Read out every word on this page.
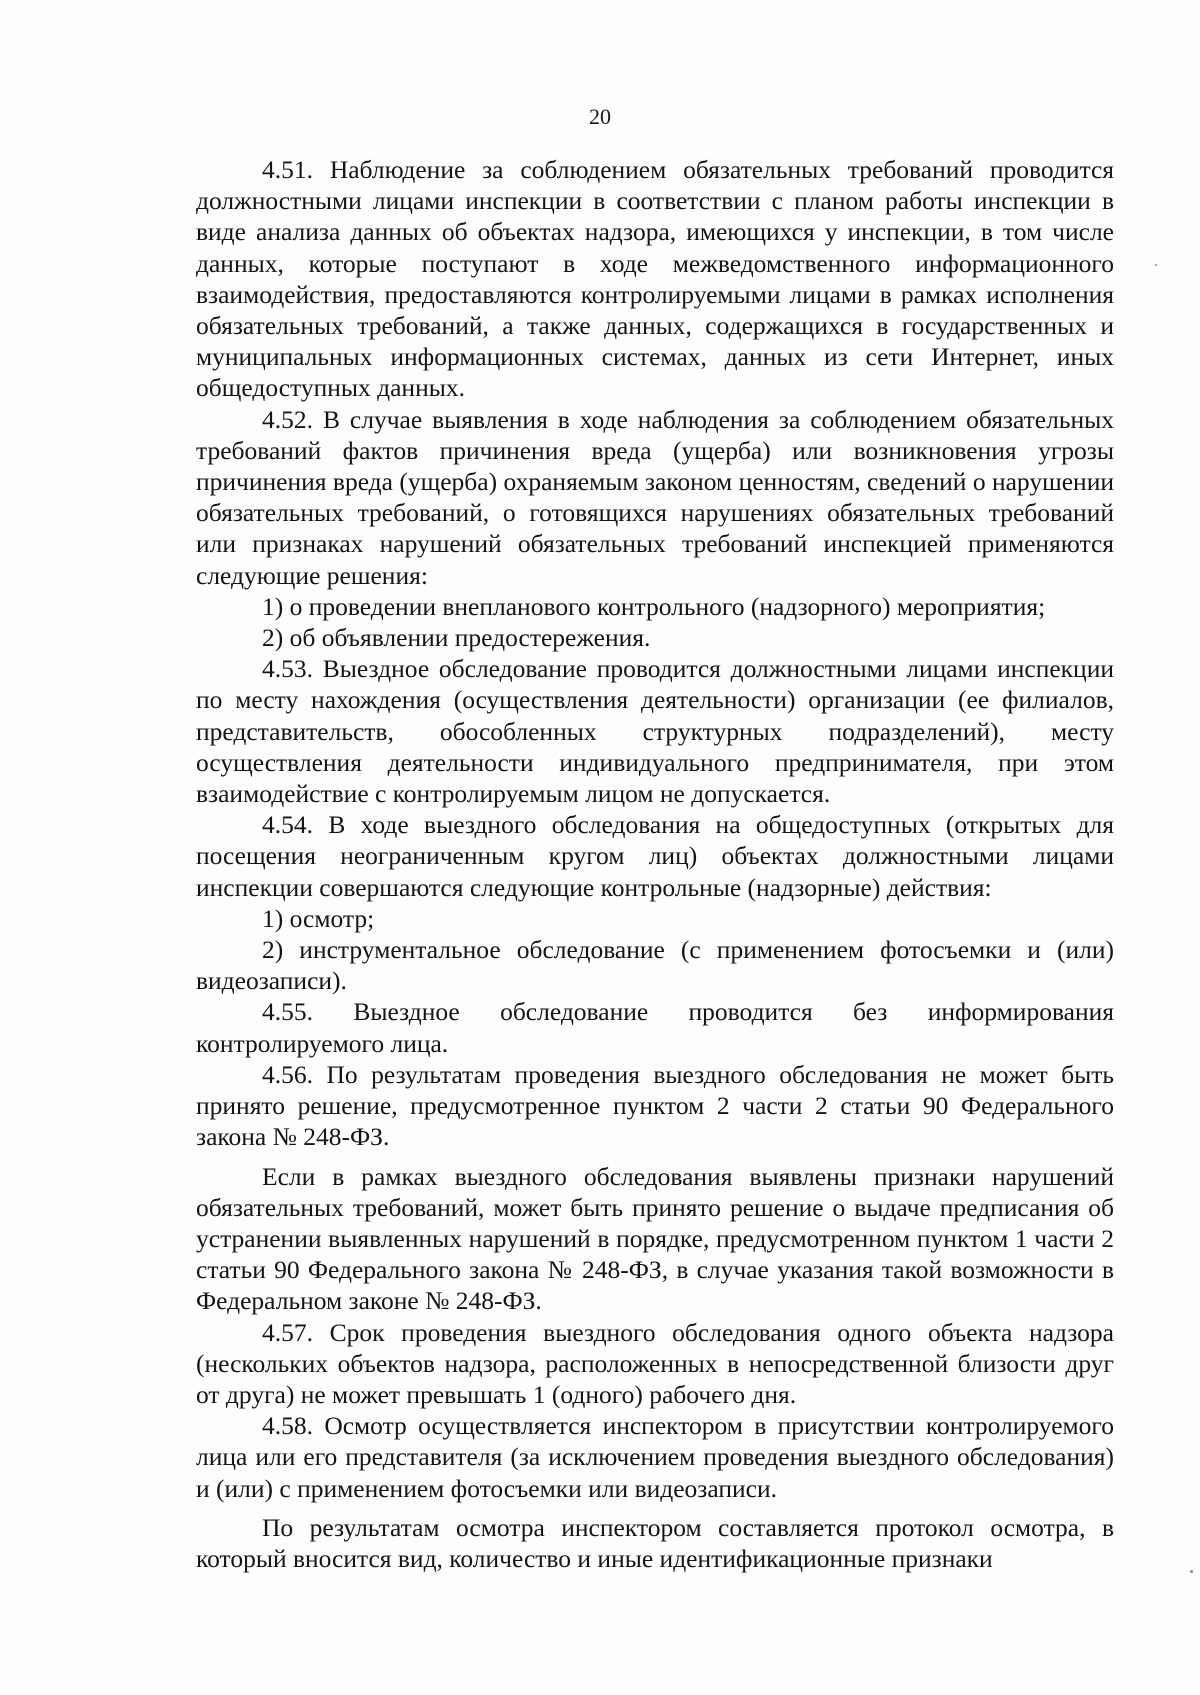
20

4.51. Наблюдение за соблюдением обязательных требований проводится должностными лицами инспекции в соответствии с планом работы инспекции в виде анализа данных об объектах надзора, имеющихся у инспекции, в том числе данных, которые поступают в ходе межведомственного информационного взаимодействия, предоставляются контролируемыми лицами в рамках исполнения обязательных требований, а также данных, содержащихся в государственных и муниципальных информационных системах, данных из сети Интернет, иных общедоступных данных.

4.52. В случае выявления в ходе наблюдения за соблюдением обязательных требований фактов причинения вреда (ущерба) или возникновения угрозы причинения вреда (ущерба) охраняемым законом ценностям, сведений о нарушении обязательных требований, о готовящихся нарушениях обязательных требований или признаках нарушений обязательных требований инспекцией применяются следующие решения:

1) о проведении внепланового контрольного (надзорного) мероприятия;

2) об объявлении предостережения.

4.53. Выездное обследование проводится должностными лицами инспекции по месту нахождения (осуществления деятельности) организации (ее филиалов, представительств, обособленных структурных подразделений), месту осуществления деятельности индивидуального предпринимателя, при этом взаимодействие с контролируемым лицом не допускается.

4.54. В ходе выездного обследования на общедоступных (открытых для посещения неограниченным кругом лиц) объектах должностными лицами инспекции совершаются следующие контрольные (надзорные) действия:

1) осмотр;

2) инструментальное обследование (с применением фотосъемки и (или) видеозаписи).

4.55. Выездное обследование проводится без информирования контролируемого лица.

4.56. По результатам проведения выездного обследования не может быть принято решение, предусмотренное пунктом 2 части 2 статьи 90 Федерального закона № 248-ФЗ.

Если в рамках выездного обследования выявлены признаки нарушений обязательных требований, может быть принято решение о выдаче предписания об устранении выявленных нарушений в порядке, предусмотренном пунктом 1 части 2 статьи 90 Федерального закона № 248-ФЗ, в случае указания такой возможности в Федеральном законе № 248-ФЗ.

4.57. Срок проведения выездного обследования одного объекта надзора (нескольких объектов надзора, расположенных в непосредственной близости друг от друга) не может превышать 1 (одного) рабочего дня.

4.58. Осмотр осуществляется инспектором в присутствии контролируемого лица или его представителя (за исключением проведения выездного обследования) и (или) с применением фотосъемки или видеозаписи.

По результатам осмотра инспектором составляется протокол осмотра, в который вносится вид, количество и иные идентификационные признаки
